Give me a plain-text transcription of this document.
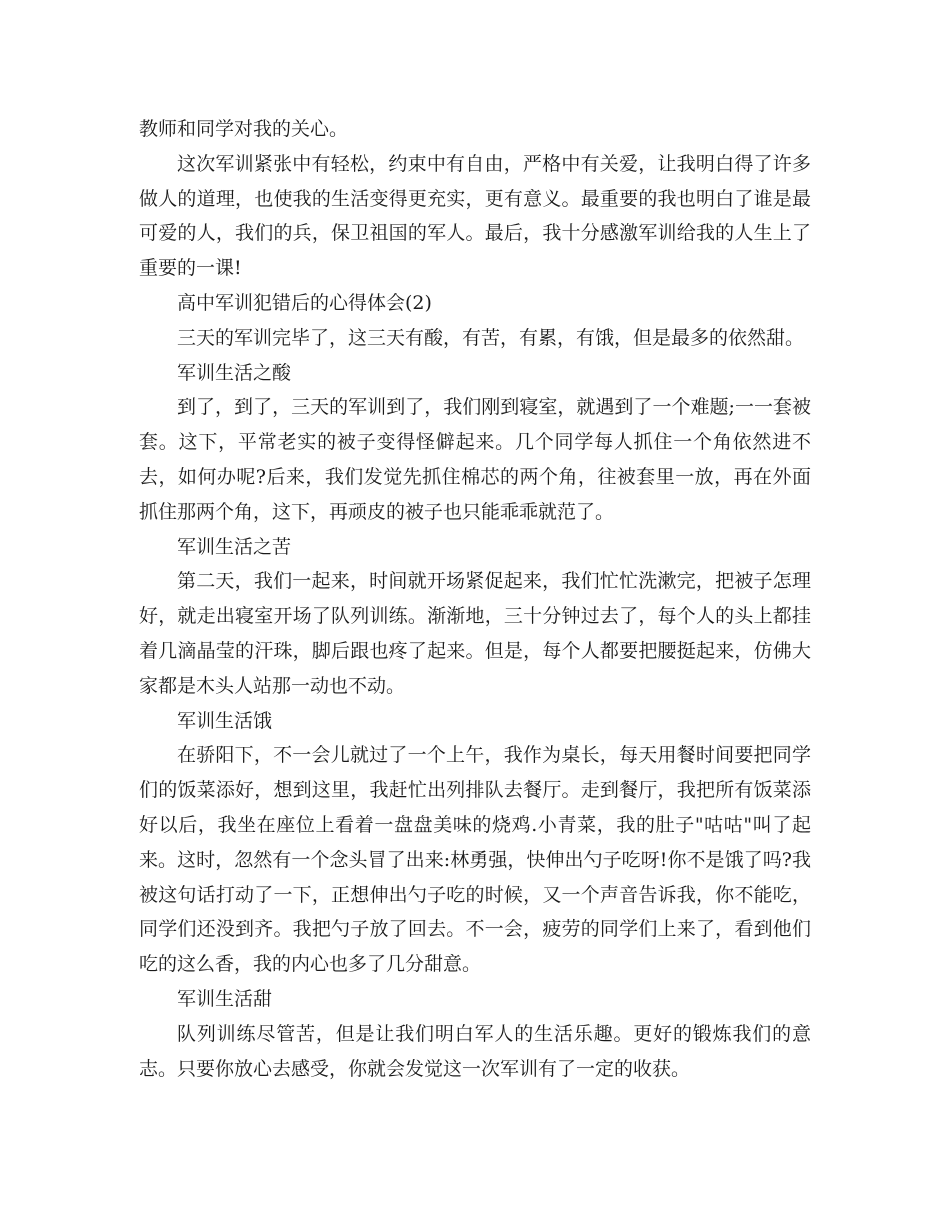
教师和同学对我的关心。

这次军训紧张中有轻松，约束中有自由，严格中有关爱，让我明白得了许多做人的道理，也使我的生活变得更充实，更有意义。最重要的我也明白了谁是最可爱的人，我们的兵，保卫祖国的军人。最后，我十分感激军训给我的人生上了重要的一课!

高中军训犯错后的心得体会(2)

三天的军训完毕了，这三天有酸，有苦，有累，有饿，但是最多的依然甜。

军训生活之酸

到了，到了，三天的军训到了，我们刚到寝室，就遇到了一个难题;一一套被套。这下，平常老实的被子变得怪僻起来。几个同学每人抓住一个角依然进不去，如何办呢?后来，我们发觉先抓住棉芯的两个角，往被套里一放，再在外面抓住那两个角，这下，再顽皮的被子也只能乖乖就范了。

军训生活之苦

第二天，我们一起来，时间就开场紧促起来，我们忙忙洗漱完，把被子怎理好，就走出寝室开场了队列训练。渐渐地，三十分钟过去了，每个人的头上都挂着几滴晶莹的汗珠，脚后跟也疼了起来。但是，每个人都要把腰挺起来，仿佛大家都是木头人站那一动也不动。

军训生活饿

在骄阳下，不一会儿就过了一个上午，我作为桌长，每天用餐时间要把同学们的饭菜添好，想到这里，我赶忙出列排队去餐厅。走到餐厅，我把所有饭菜添好以后，我坐在座位上看着一盘盘美味的烧鸡.小青菜，我的肚子"咕咕"叫了起来。这时，忽然有一个念头冒了出来:林勇强，快伸出勺子吃呀!你不是饿了吗?我被这句话打动了一下，正想伸出勺子吃的时候，又一个声音告诉我，你不能吃，同学们还没到齐。我把勺子放了回去。不一会，疲劳的同学们上来了，看到他们吃的这么香，我的内心也多了几分甜意。

军训生活甜

队列训练尽管苦，但是让我们明白军人的生活乐趣。更好的锻炼我们的意志。只要你放心去感受，你就会发觉这一次军训有了一定的收获。
